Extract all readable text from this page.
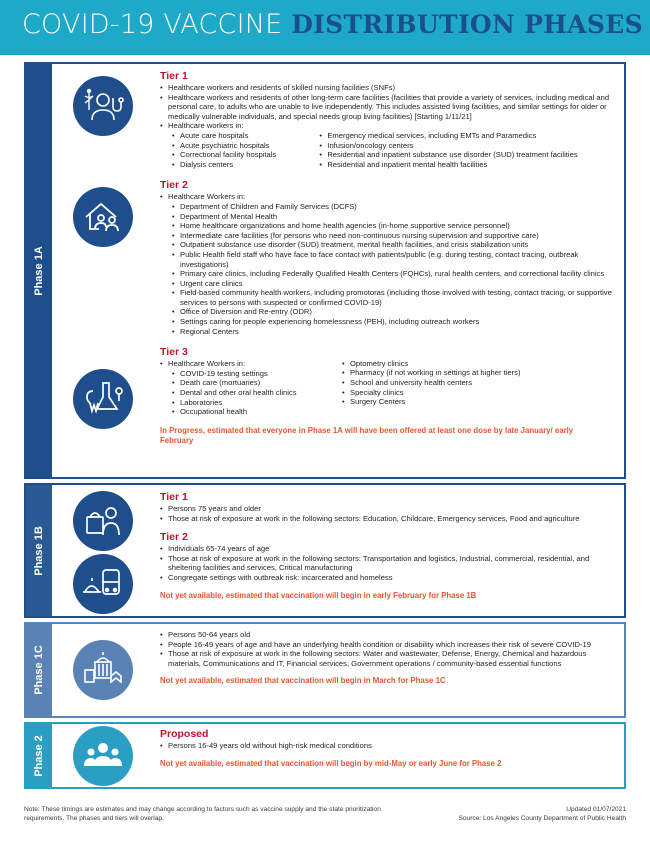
COVID-19 VACCINE DISTRIBUTION PHASES
Phase 1A
Tier 1
• Healthcare workers and residents of skilled nursing facilities (SNFs)
• Healthcare workers and residents of other long-term care facilities (facilities that provide a variety of services, including medical and personal care, to adults who are unable to live independently. This includes assisted living facilities, and similar settings for older or medically vulnerable individuals, and special needs group living facilities) [Starting 1/11/21]
• Healthcare workers in:
• Acute care hospitals
• Acute psychiatric hospitals
• Correctional facility hospitals
• Dialysis centers
• Emergency medical services, including EMTs and Paramedics
• Infusion/oncology centers
• Residential and inpatient substance use disorder (SUD) treatment facilities
• Residential and inpatient mental health facilities
Tier 2
• Healthcare Workers in:
• Department of Children and Family Services (DCFS)
• Department of Mental Health
• Home healthcare organizations and home health agencies (in-home supportive service personnel)
• Intermediate care facilities (for persons who need non-continuous nursing supervision and supportive care)
• Outpatient substance use disorder (SUD) treatment, mental health facilities, and crisis stabilization units
• Public Health field staff who have face to face contact with patients/public (e.g. during testing, contact tracing, outbreak investigations)
• Primary care clinics, including Federally Qualified Health Centers (FQHCs), rural health centers, and correctional facility clinics
• Urgent care clinics
• Field-based community health workers, including promotoras (including those involved with testing, contact tracing, or supportive services to persons with suspected or confirmed COVID-19)
• Office of Diversion and Re-entry (ODR)
• Settings caring for people experiencing homelessness (PEH), including outreach workers
• Regional Centers
Tier 3
• Healthcare Workers in:
• COVID-19 testing settings
• Death care (mortuaries)
• Dental and other oral health clinics
• Laboratories
• Occupational health
• Optometry clinics
• Pharmacy (if not working in settings at higher tiers)
• School and university health centers
• Specialty clinics
• Surgery Centers
In Progress, estimated that everyone in Phase 1A will have been offered at least one dose by late January/ early February
Phase 1B
Tier 1
• Persons 75 years and older
• Those at risk of exposure at work in the following sectors: Education, Childcare, Emergency services, Food and agriculture
Tier 2
• Individuals 65-74 years of age
• Those at risk of exposure at work in the following sectors: Transportation and logistics, Industrial, commercial, residential, and sheltering facilities and services, Critical manufacturing
• Congregate settings with outbreak risk: incarcerated and homeless
Not yet available, estimated that vaccination will begin in early February for Phase 1B
Phase 1C
• Persons 50-64 years old
• People 16-49 years of age and have an underlying health condition or disability which increases their risk of severe COVID-19
• Those at risk of exposure at work in the following sectors: Water and wastewater, Defense, Energy, Chemical and hazardous materials, Communications and IT, Financial services, Government operations / community-based essential functions
Not yet available, estimated that vaccination will begin in March for Phase 1C
Phase 2
Proposed
• Persons 16-49 years old without high-risk medical conditions
Not yet available, estimated that vaccination will begin by mid-May or early June for Phase 2
Note: These timings are estimates and may change according to factors such as vaccine supply and the state prioritization requirements. The phases and tiers will overlap.
Updated 01/07/2021
Source: Los Angeles County Department of Public Health
